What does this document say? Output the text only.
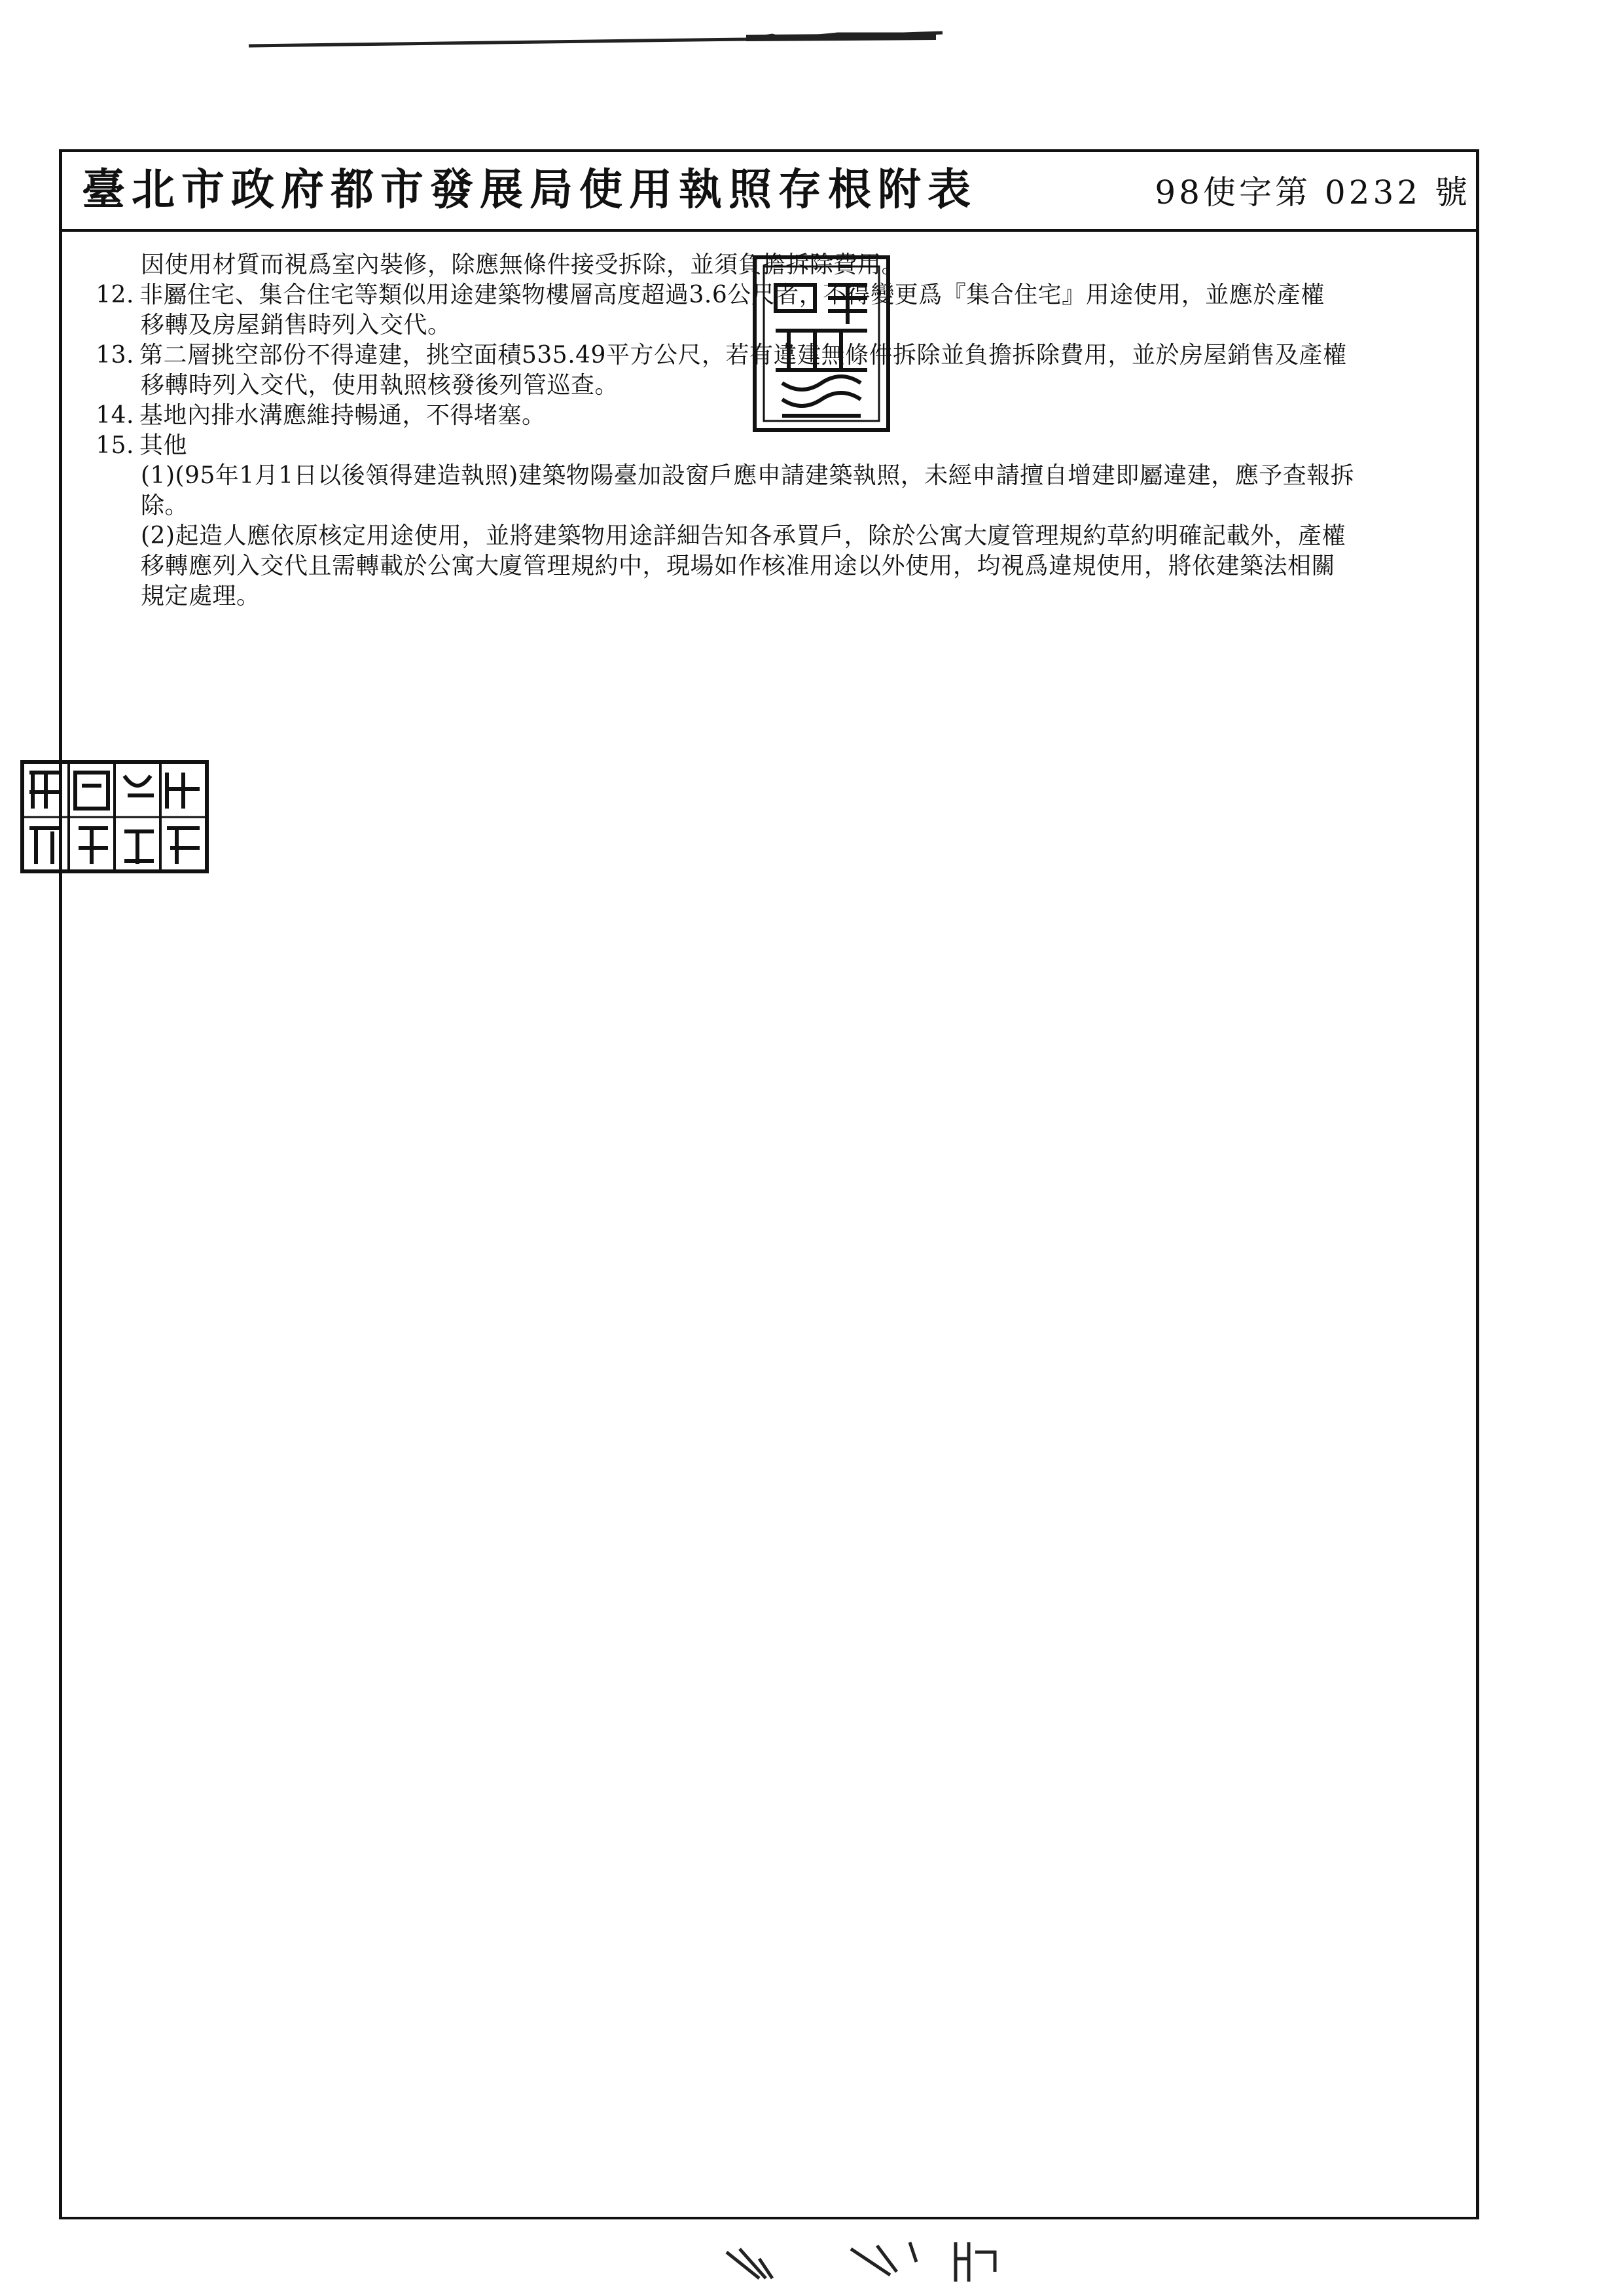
臺北市政府都市發展局使用執照存根附表	98使字第 0232 號
因使用材質而視爲室內裝修，除應無條件接受拆除，並須負擔拆除費用。
12. 非屬住宅、集合住宅等類似用途建築物樓層高度超過3.6公尺者，不得變更爲『集合住宅』用途使用，並應於產權
移轉及房屋銷售時列入交代。
13. 第二層挑空部份不得違建，挑空面積535.49平方公尺，若有違建無條件拆除並負擔拆除費用，並於房屋銷售及產權
移轉時列入交代，使用執照核發後列管巡查。
14. 基地內排水溝應維持暢通，不得堵塞。
15. 其他
(1)(95年1月1日以後領得建造執照)建築物陽臺加設窗戶應申請建築執照，未經申請擅自增建即屬違建，應予查報拆
除。
(2)起造人應依原核定用途使用，並將建築物用途詳細告知各承買戶，除於公寓大廈管理規約草約明確記載外，產權
移轉應列入交代且需轉載於公寓大廈管理規約中，現場如作核准用途以外使用，均視爲違規使用，將依建築法相關
規定處理。
